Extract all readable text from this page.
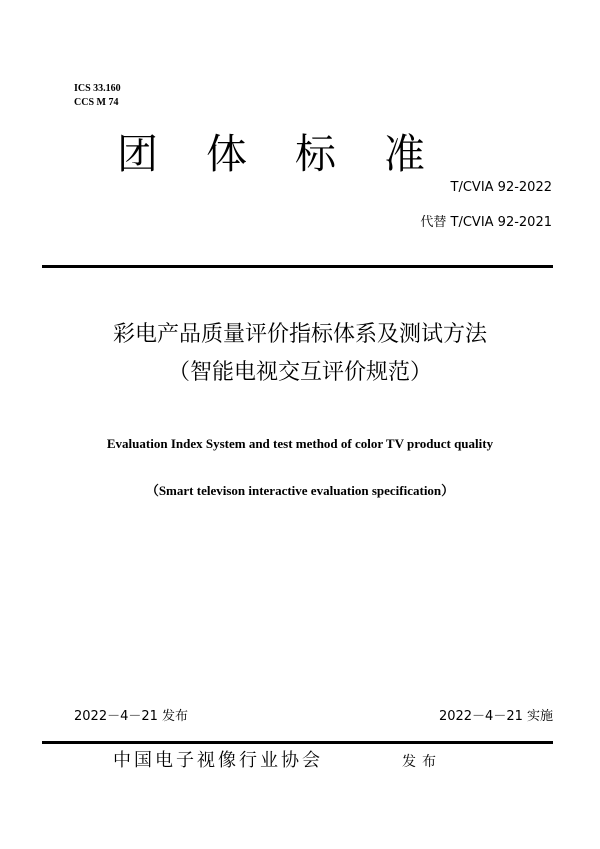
ICS 33.160
CCS M 74
团体标准
T/CVIA 92-2022
代替 T/CVIA 92-2021
彩电产品质量评价指标体系及测试方法
（智能电视交互评价规范）
Evaluation Index System and test method of color TV product quality
（Smart televison interactive evaluation specification）
2022－4－21 发布	2022－4－21 实施
中国电子视像行业协会	发布
